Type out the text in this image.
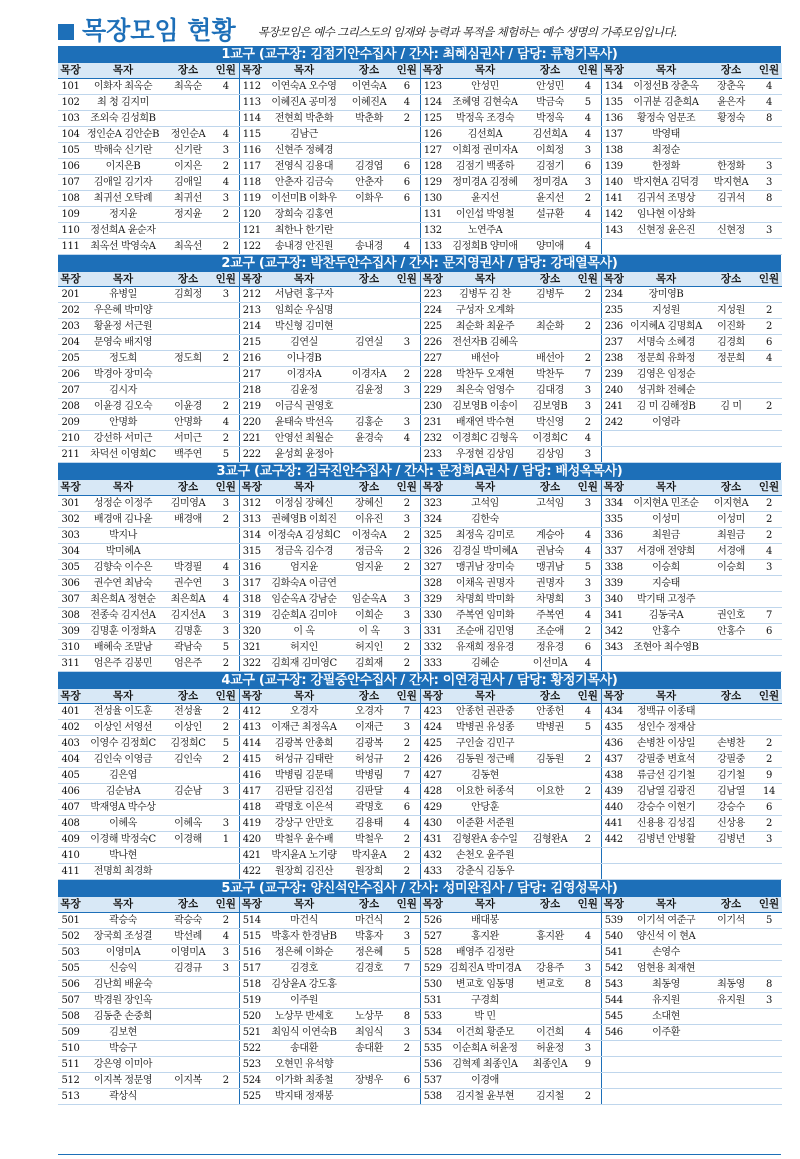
목장모임 현황 목장모임은 예수 그리스도의 임재와 능력과 목적을 체험하는 예수 생명의 가족모임입니다.
1교구 (교구장: 김점기안수집사 / 간사: 최혜심권사 / 담당: 류형기목사)
목장	목자	장소	인원	목장	목자	장소	인원	목장	목자	장소	인원	목장	목자	장소	인원
101	이화자 최옥순	최옥순	4	112	이연숙A 오수영	이연숙A	6	123	안성민	안성민	4	134	이정선B 장춘옥	장춘옥	4
102	최 청 김지미			113	이혜진A 공미정	이혜진A	4	124	조혜영 김현숙A	박금숙	5	135	이귀분 김춘희A	윤은자	4
103	조외숙 김성희B			114	전현희 박춘화	박춘화	2	125	박정옥 조경숙	박정옥	4	136	황정숙 엄문조	황정숙	8
104	정인순A 김안순B	정인순A	4	115	김남근			126	김선희A	김선희A	4	137	박영태		
105	박해숙 신기란	신기란	3	116	신현주 정혜경			127	이희정 권미자A	이희정	3	138	최정순		
106	이지은B	이지은	2	117	전영식 김용대	김경엽	6	128	김점기 백종하	김점기	6	139	한정화	한정화	3
107	김애일 김기자	김애일	4	118	안춘자 김금숙	안춘자	6	129	정미경A 김정혜	정미경A	3	140	박지현A 김덕경	박지현A	3
108	최귀선 오탁례	최귀선	3	119	이선미B 이화우	이화우	6	130	윤지선	윤지선	2	141	김귀석 조명상	김귀석	8
109	정지윤	정지윤	2	120	장희숙 김홍연			131	이인섭 박영철	설규환	4	142	임나현 이상화		
110	정선희A 윤순자			121	최한나 한기란			132	노연주A			143	신현정 윤은진	신현정	3
111	최옥선 박영숙A	최옥선	2	122	송내경 안진원	송내경	4	133	김정희B 양미애	양미애	4				
2교구 (교구장: 박찬두안수집사 / 간사: 문지영권사 / 담당: 강대열목사)
목장	목자	장소	인원	목장	목자	장소	인원	목장	목자	장소	인원	목장	목자	장소	인원
201	유병일	김희정	3	212	서남련 홍구자			223	김병두 김 찬	김병두	2	234	장미영B		
202	우은혜 박미양			213	임희순 우심명			224	구성자 오계화			235	지성원	지성원	2
203	황윤정 서근원			214	박신형 김미현			225	최순화 최윤주	최순화	2	236	이지혜A 김명희A	이진화	2
204	문영숙 배지영			215	김연실	김연실	3	226	전선자B 김혜옥			237	서명숙 소혜경	김경희	6
205	정도희	정도희	2	216	이나경B			227	배선아	배선아	2	238	정문희 유화정	정문희	4
206	박경아 장미숙			217	이경자A	이경자A	2	228	박찬두 오재현	박찬두	7	239	김영은 임정순		
207	김시자			218	김윤정	김윤정	3	229	최은숙 엄영수	김대경	3	240	성귀화 전혜순		
208	이윤경 김오숙	이윤경	2	219	이금식 권영호			230	김보영B 이송이	김보영B	3	241	김 미 김해정B	김 미	2
209	안명화	안명화	4	220	윤태숙 박선옥	김홍순	3	231	배재연 박수현	박신영	2	242	이영라		
210	강선하 서미근	서미근	2	221	안영선 최월순	윤경숙	4	232	이경희C 김형옥	이경희C	4				
211	차덕선 이영희C	백주연	5	222	윤성희 윤정아			233	우정현 김상임	김상임	3				
3교구 (교구장: 김국진안수집사 / 간사: 문정희A권사 / 담당: 배성옥목사)
목장	목자	장소	인원	목장	목자	장소	인원	목장	목자	장소	인원	목장	목자	장소	인원
301	성정순 이정주	김미영A	3	312	이정심 장혜신	장혜신	2	323	고석임	고석임	3	334	이지현A 민조순	이지현A	2
302	배경애 김나윤	배경애	2	313	권혜영B 이희진	이유진	3	324	김한숙			335	이성미	이성미	2
303	박지나			314	이정숙A 김성희C	이정숙A	2	325	최정옥 김미로	계승아	4	336	최원금	최원금	2
304	박미혜A			315	정금옥 김수경	정금옥	2	326	김경실 박미혜A	권남숙	4	337	서경애 전양희	서경애	4
305	김향숙 이수은	박경필	4	316	엄지윤	엄지윤	2	327	맹귀남 장미숙	맹귀남	5	338	이승희	이승희	3
306	권수연 최남숙	권수연	3	317	김화숙A 이금연			328	이채옥 권명자	권명자	3	339	지승태		
307	최은희A 정현순	최은희A	4	318	임순옥A 강남순	임순옥A	3	329	차명희 박미화	차명희	3	340	박기태 고정주		
308	전종숙 김지선A	김지선A	3	319	김순희A 김미야	이희순	3	330	주복연 임미화	주복연	4	341	김동국A	권인호	7
309	김명훈 이정화A	김명훈	3	320	이 옥	이 옥	3	331	조순애 김민영	조순애	2	342	안홍수	안홍수	6
310	배혜숙 조말남	곽남숙	5	321	허지인	허지인	2	332	유재희 정유경	정유경	6	343	조현아 최수영B		
311	엄은주 김봉민	엄은주	2	322	김희재 김미영C	김희재	2	333	김혜순	이선미A	4				
4교구 (교구장: 강필중안수집사 / 간사: 이연경권사 / 담당: 황정기목사)
목장	목자	장소	인원	목장	목자	장소	인원	목장	목자	장소	인원	목장	목자	장소	인원
401	전성율 이도훈	전성율	2	412	오경자	오경자	7	423	안종헌 권관중	안종헌	4	434	정백규 이종태		
402	이상인 서영선	이상인	2	413	이재근 최정옥A	이재근	3	424	박병권 유성종	박병권	5	435	성인수 정재삼		
403	이영수 김정희C	김정희C	5	414	김광복 안총희	김광복	2	425	구인술 김민구			436	손병찬 이상일	손병찬	2
404	김인숙 이영금	김인숙	2	415	허성규 김태란	허성규	2	426	김동원 정근배	김동원	2	437	강필중 변효석	강필중	2
405	김은엽			416	박병림 김문태	박병림	7	427	김동현			438	류금선 김기철	김기철	9
406	김순남A	김순남	3	417	김판달 김진섭	김판달	4	428	이요한 허종석	이요한	2	439	김남열 김광진	김남열	14
407	박재영A 박수상			418	곽명호 이은석	곽명호	6	429	안당훈			440	강승수 이현기	강승수	6
408	이혜옥	이혜옥	3	419	강상구 안만호	김용태	4	430	이준환 서준원			441	신용용 김성집	신상용	2
409	이경해 박정숙C	이경해	1	420	박철우 윤수배	박철우	2	431	김형완A 송수일	김형완A	2	442	김병년 안병활	김병년	3
410	박나현			421	박지윤A 노기량	박지윤A	2	432	손천오 윤주원						
411	전명희 최경화			422	원장희 김진산	원장희	2	433	강춘식 김동우						
5교구 (교구장: 양신석안수집사 / 간사: 성미완집사 / 담당: 김영성목사)
목장	목자	장소	인원	목장	목자	장소	인원	목장	목자	장소	인원	목장	목자	장소	인원
501	곽승숙	곽승숙	2	514	마건식	마건식	2	526	배대봉			539	이기석 여준구	이기석	5
502	장국희 조성결	박선례	4	515	박홍자 한경남B	박홍자	3	527	홍지완	홍지완	4	540	양신석 이 현A		
503	이영미A	이영미A	3	516	정은혜 이화순	정은혜	5	528	배영주 김정란			541	손영수		
505	신승익	김경규	3	517	김경호	김경호	7	529	김희진A 박미경A	강용주	3	542	엄현용 최재현		
506	김난희 배윤숙			518	김상윤A 강도홍			530	변교호 임동명	변교호	8	543	최동영	최동영	8
507	박경원 장인옥			519	이주원			531	구경희			544	유지원	유지원	3
508	김동춘 손중희			520	노상무 반세호	노상무	8	533	박 민			545	소대현		
509	김보현			521	최임식 이연숙B	최임식	3	534	이건희 황준모	이건희	4	546	이주환		
510	박승구			522	송대환	송대환	2	535	이순희A 허윤정	허윤정	3				
511	강은영 이미아			523	오현민 유석향			536	김혁제 최종인A	최종인A	9				
512	이지복 정문영	이지복	2	524	이가화 최종철	장병우	6	537	이경애						
513	곽상식			525	박지태 정재봉			538	김지철 윤부현	김지철	2				
